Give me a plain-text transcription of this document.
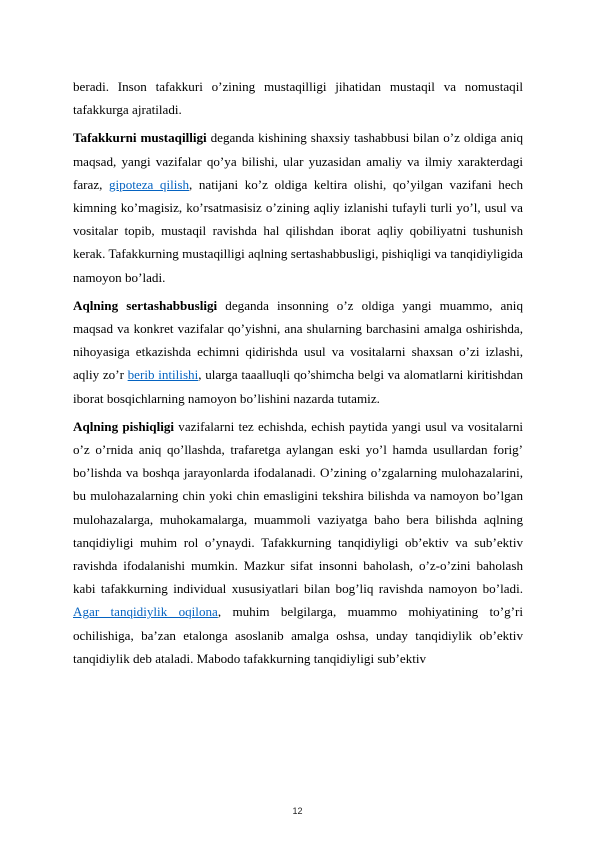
beradi. Inson tafakkuri o’zining mustaqilligi jihatidan mustaqil va nomustaqil tafakkurga ajratiladi.

Tafakkurni mustaqilligi deganda kishining shaxsiy tashabbusi bilan o’z oldiga aniq maqsad, yangi vazifalar qo’ya bilishi, ular yuzasidan amaliy va ilmiy xarakterdagi faraz, gipoteza qilish, natijani ko’z oldiga keltira olishi, qo’yilgan vazifani hech kimning ko’magisiz, ko’rsatmasisiz o’zining aqliy izlanishi tufayli turli yo’l, usul va vositalar topib, mustaqil ravishda hal qilishdan iborat aqliy qobiliyatni tushunish kerak. Tafakkurning mustaqilligi aqlning sertashabbusligi, pishiqligi va tanqidiyligida namoyon bo’ladi.

Aqlning sertashabbusligi deganda insonning o’z oldiga yangi muammo, aniq maqsad va konkret vazifalar qo’yishni, ana shularning barchasini amalga oshirishda, nihoyasiga etkazishda echimni qidirishda usul va vositalarni shaxsan o’zi izlashi, aqliy zo’r berib intilishi, ularga taaalluqli qo’shimcha belgi va alomatlarni kiritishdan iborat bosqichlarning namoyon bo’lishini nazarda tutamiz.

Aqlning pishiqligi vazifalarni tez echishda, echish paytida yangi usul va vositalarni o’z o’rnida aniq qo’llashda, trafaretga aylangan eski yo’l hamda usullardan forig’ bo’lishda va boshqa jarayonlarda ifodalanadi. O’zining o’zgalarning mulohazalarini, bu mulohazalarning chin yoki chin emasligini tekshira bilishda va namoyon bo’lgan mulohazalarga, muhokamalarga, muammoli vaziyatga baho bera bilishda aqlning tanqidiyligi muhim rol o’ynaydi. Tafakkurning tanqidiyligi ob’ektiv va sub’ektiv ravishda ifodalanishi mumkin. Mazkur sifat insonni baholash, o’z-o’zini baholash kabi tafakkurning individual xususiyatlari bilan bog’liq ravishda namoyon bo’ladi. Agar tanqidiylik oqilona, muhim belgilarga, muammo mohiyatining to’g’ri ochilishiga, ba’zan etalonga asoslanib amalga oshsa, unday tanqidiylik ob’ektiv tanqidiylik deb ataladi. Mabodo tafakkurning tanqidiyligi sub’ektiv

12
